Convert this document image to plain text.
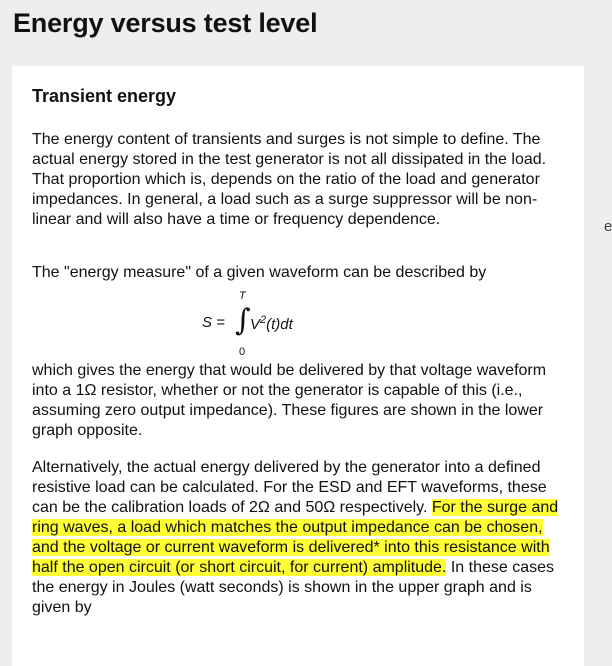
Energy versus test level
Transient energy

The energy content of transients and surges is not simple to define. The actual energy stored in the test generator is not all dissipated in the load. That proportion which is, depends on the ratio of the load and generator impedances. In general, a load such as a surge suppressor will be non-linear and will also have a time or frequency dependence.

The "energy measure" of a given waveform can be described by

T
S = ∫ $V^2(t)dt$
0

which gives the energy that would be delivered by that voltage waveform into a 1Ω resistor, whether or not the generator is capable of this (i.e., assuming zero output impedance). These figures are shown in the lower graph opposite.

Alternatively, the actual energy delivered by the generator into a defined resistive load can be calculated. For the ESD and EFT waveforms, these can be the calibration loads of 2Ω and 50Ω respectively. For the surge and ring waves, a load which matches the output impedance can be chosen, and the voltage or current waveform is delivered* into this resistance with half the open circuit (or short circuit, for current) amplitude. In these cases the energy in Joules (watt seconds) is shown in the upper graph and is given by

e
